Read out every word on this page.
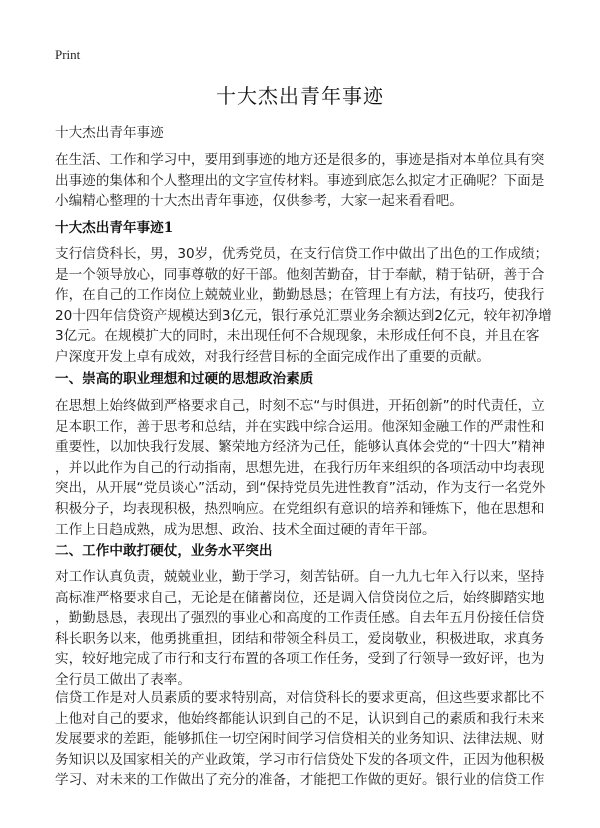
Print
十大杰出青年事迹
十大杰出青年事迹
在生活、工作和学习中，要用到事迹的地方还是很多的，事迹是指对本单位具有突
出事迹的集体和个人整理出的文字宣传材料。事迹到底怎么拟定才正确呢？下面是
小编精心整理的十大杰出青年事迹，仅供参考，大家一起来看看吧。
十大杰出青年事迹1
支行信贷科长，男，30岁，优秀党员，在支行信贷工作中做出了出色的工作成绩；
是一个领导放心，同事尊敬的好干部。他刻苦勤奋，甘于奉献，精于钻研，善于合
作，在自己的工作岗位上兢兢业业，勤勤恳恳；在管理上有方法，有技巧，使我行
20十四年信贷资产规模达到3亿元，银行承兑汇票业务余额达到2亿元，较年初净增
3亿元。在规模扩大的同时，未出现任何不合规现象，未形成任何不良，并且在客
户深度开发上卓有成效，对我行经营目标的全面完成作出了重要的贡献。
一、崇高的职业理想和过硬的思想政治素质
在思想上始终做到严格要求自己，时刻不忘“与时俱进，开拓创新”的时代责任，立
足本职工作，善于思考和总结，并在实践中综合运用。他深知金融工作的严肃性和
重要性，以加快我行发展、繁荣地方经济为己任，能够认真体会党的“十四大”精神
，并以此作为自己的行动指南，思想先进，在我行历年来组织的各项活动中均表现
突出，从开展“党员谈心”活动，到“保持党员先进性教育”活动，作为支行一名党外
积极分子，均表现积极，热烈响应。在党组织有意识的培养和锤炼下，他在思想和
工作上日趋成熟，成为思想、政治、技术全面过硬的青年干部。
二、工作中敢打硬仗，业务水平突出
对工作认真负责，兢兢业业，勤于学习，刻苦钻研。自一九九七年入行以来，坚持
高标准严格要求自己，无论是在储蓄岗位，还是调入信贷岗位之后，始终脚踏实地
，勤勤恳恳，表现出了强烈的事业心和高度的工作责任感。自去年五月份接任信贷
科长职务以来，他勇挑重担，团结和带领全科员工，爱岗敬业，积极进取，求真务
实，较好地完成了市行和支行布置的各项工作任务，受到了行领导一致好评，也为
全行员工做出了表率。
信贷工作是对人员素质的要求特别高，对信贷科长的要求更高，但这些要求都比不
上他对自己的要求，他始终都能认识到自己的不足，认识到自己的素质和我行未来
发展要求的差距，能够抓住一切空闲时间学习信贷相关的业务知识、法律法规、财
务知识以及国家相关的产业政策，学习市行信贷处下发的各项文件，正因为他积极
学习、对未来的工作做出了充分的准备，才能把工作做的更好。银行业的信贷工作
